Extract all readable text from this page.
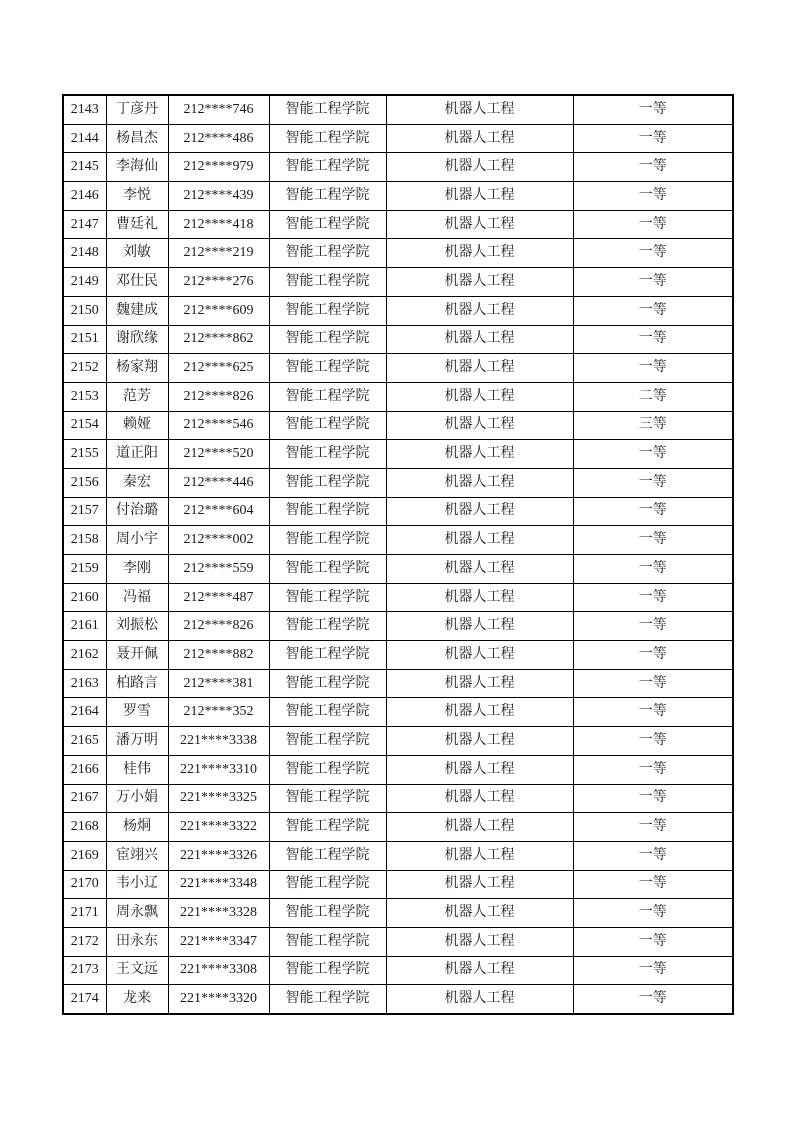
2143	丁彦丹	212****746	智能工程学院	机器人工程	一等
2144	杨昌杰	212****486	智能工程学院	机器人工程	一等
2145	李海仙	212****979	智能工程学院	机器人工程	一等
2146	李悦	212****439	智能工程学院	机器人工程	一等
2147	曹廷礼	212****418	智能工程学院	机器人工程	一等
2148	刘敏	212****219	智能工程学院	机器人工程	一等
2149	邓仕民	212****276	智能工程学院	机器人工程	一等
2150	魏建成	212****609	智能工程学院	机器人工程	一等
2151	谢欣缘	212****862	智能工程学院	机器人工程	一等
2152	杨家翔	212****625	智能工程学院	机器人工程	一等
2153	范芳	212****826	智能工程学院	机器人工程	二等
2154	赖娅	212****546	智能工程学院	机器人工程	三等
2155	道正阳	212****520	智能工程学院	机器人工程	一等
2156	秦宏	212****446	智能工程学院	机器人工程	一等
2157	付治璐	212****604	智能工程学院	机器人工程	一等
2158	周小宇	212****002	智能工程学院	机器人工程	一等
2159	李刚	212****559	智能工程学院	机器人工程	一等
2160	冯福	212****487	智能工程学院	机器人工程	一等
2161	刘振松	212****826	智能工程学院	机器人工程	一等
2162	聂开佩	212****882	智能工程学院	机器人工程	一等
2163	柏路言	212****381	智能工程学院	机器人工程	一等
2164	罗雪	212****352	智能工程学院	机器人工程	一等
2165	潘万明	221****3338	智能工程学院	机器人工程	一等
2166	桂伟	221****3310	智能工程学院	机器人工程	一等
2167	万小娟	221****3325	智能工程学院	机器人工程	一等
2168	杨烔	221****3322	智能工程学院	机器人工程	一等
2169	宦翊兴	221****3326	智能工程学院	机器人工程	一等
2170	韦小辽	221****3348	智能工程学院	机器人工程	一等
2171	周永飘	221****3328	智能工程学院	机器人工程	一等
2172	田永东	221****3347	智能工程学院	机器人工程	一等
2173	王文远	221****3308	智能工程学院	机器人工程	一等
2174	龙来	221****3320	智能工程学院	机器人工程	一等
